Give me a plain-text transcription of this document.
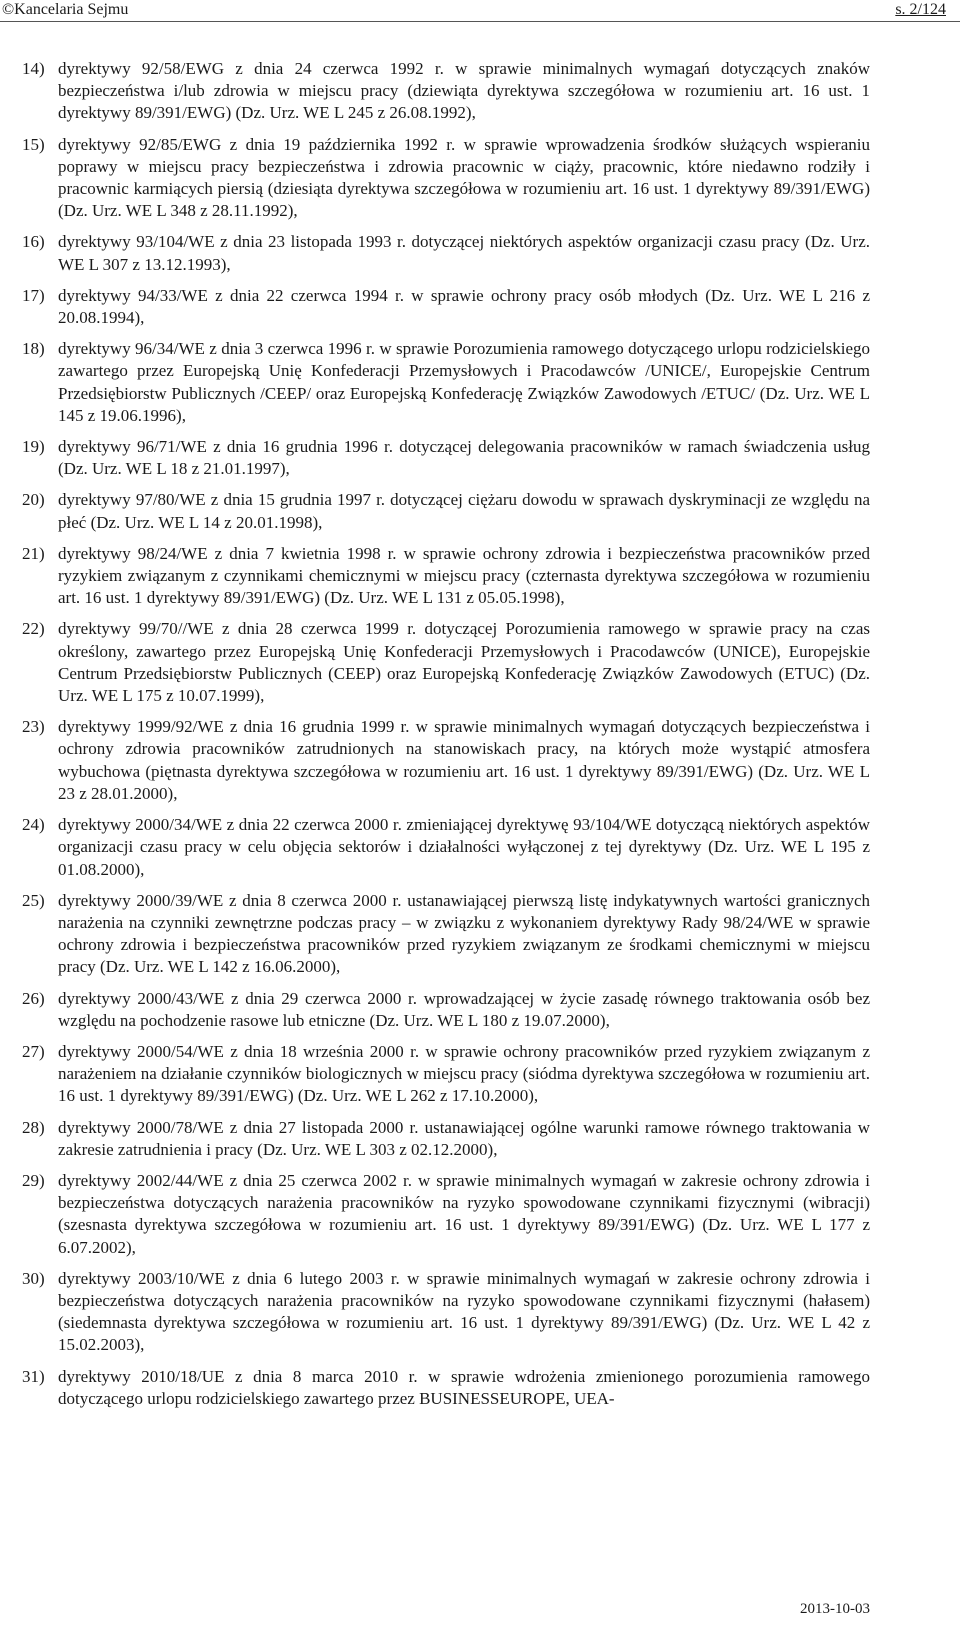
©Kancelaria Sejmu	s. 2/124
14) dyrektywy 92/58/EWG z dnia 24 czerwca 1992 r. w sprawie minimalnych wymagań dotyczących znaków bezpieczeństwa i/lub zdrowia w miejscu pracy (dziewiąta dyrektywa szczegółowa w rozumieniu art. 16 ust. 1 dyrektywy 89/391/EWG) (Dz. Urz. WE L 245 z 26.08.1992),
15) dyrektywy 92/85/EWG z dnia 19 października 1992 r. w sprawie wprowadzenia środków służących wspieraniu poprawy w miejscu pracy bezpieczeństwa i zdrowia pracownic w ciąży, pracownic, które niedawno rodziły i pracownic karmiących piersią (dziesiąta dyrektywa szczegółowa w rozumieniu art. 16 ust. 1 dyrektywy 89/391/EWG) (Dz. Urz. WE L 348 z 28.11.1992),
16) dyrektywy 93/104/WE z dnia 23 listopada 1993 r. dotyczącej niektórych aspektów organizacji czasu pracy (Dz. Urz. WE L 307 z 13.12.1993),
17) dyrektywy 94/33/WE z dnia 22 czerwca 1994 r. w sprawie ochrony pracy osób młodych (Dz. Urz. WE L 216 z 20.08.1994),
18) dyrektywy 96/34/WE z dnia 3 czerwca 1996 r. w sprawie Porozumienia ramowego dotyczącego urlopu rodzicielskiego zawartego przez Europejską Unię Konfederacji Przemysłowych i Pracodawców /UNICE/, Europejskie Centrum Przedsiębiorstw Publicznych /CEEP/ oraz Europejską Konfederację Związków Zawodowych /ETUC/ (Dz. Urz. WE L 145 z 19.06.1996),
19) dyrektywy 96/71/WE z dnia 16 grudnia 1996 r. dotyczącej delegowania pracowników w ramach świadczenia usług (Dz. Urz. WE L 18 z 21.01.1997),
20) dyrektywy 97/80/WE z dnia 15 grudnia 1997 r. dotyczącej ciężaru dowodu w sprawach dyskryminacji ze względu na płeć (Dz. Urz. WE L 14 z 20.01.1998),
21) dyrektywy 98/24/WE z dnia 7 kwietnia 1998 r. w sprawie ochrony zdrowia i bezpieczeństwa pracowników przed ryzykiem związanym z czynnikami chemicznymi w miejscu pracy (czternasta dyrektywa szczegółowa w rozumieniu art. 16 ust. 1 dyrektywy 89/391/EWG) (Dz. Urz. WE L 131 z 05.05.1998),
22) dyrektywy 99/70//WE z dnia 28 czerwca 1999 r. dotyczącej Porozumienia ramowego w sprawie pracy na czas określony, zawartego przez Europejską Unię Konfederacji Przemysłowych i Pracodawców (UNICE), Europejskie Centrum Przedsiębiorstw Publicznych (CEEP) oraz Europejską Konfederację Związków Zawodowych (ETUC) (Dz. Urz. WE L 175 z 10.07.1999),
23) dyrektywy 1999/92/WE z dnia 16 grudnia 1999 r. w sprawie minimalnych wymagań dotyczących bezpieczeństwa i ochrony zdrowia pracowników zatrudnionych na stanowiskach pracy, na których może wystąpić atmosfera wybuchowa (piętnasta dyrektywa szczegółowa w rozumieniu art. 16 ust. 1 dyrektywy 89/391/EWG) (Dz. Urz. WE L 23 z 28.01.2000),
24) dyrektywy 2000/34/WE z dnia 22 czerwca 2000 r. zmieniającej dyrektywę 93/104/WE dotyczącą niektórych aspektów organizacji czasu pracy w celu objęcia sektorów i działalności wyłączonej z tej dyrektywy (Dz. Urz. WE L 195 z 01.08.2000),
25) dyrektywy 2000/39/WE z dnia 8 czerwca 2000 r. ustanawiającej pierwszą listę indykatywnych wartości granicznych narażenia na czynniki zewnętrzne podczas pracy – w związku z wykonaniem dyrektywy Rady 98/24/WE w sprawie ochrony zdrowia i bezpieczeństwa pracowników przed ryzykiem związanym ze środkami chemicznymi w miejscu pracy (Dz. Urz. WE L 142 z 16.06.2000),
26) dyrektywy 2000/43/WE z dnia 29 czerwca 2000 r. wprowadzającej w życie zasadę równego traktowania osób bez względu na pochodzenie rasowe lub etniczne (Dz. Urz. WE L 180 z 19.07.2000),
27) dyrektywy 2000/54/WE z dnia 18 września 2000 r. w sprawie ochrony pracowników przed ryzykiem związanym z narażeniem na działanie czynników biologicznych w miejscu pracy (siódma dyrektywa szczegółowa w rozumieniu art. 16 ust. 1 dyrektywy 89/391/EWG) (Dz. Urz. WE L 262 z 17.10.2000),
28) dyrektywy 2000/78/WE z dnia 27 listopada 2000 r. ustanawiającej ogólne warunki ramowe równego traktowania w zakresie zatrudnienia i pracy (Dz. Urz. WE L 303 z 02.12.2000),
29) dyrektywy 2002/44/WE z dnia 25 czerwca 2002 r. w sprawie minimalnych wymagań w zakresie ochrony zdrowia i bezpieczeństwa dotyczących narażenia pracowników na ryzyko spowodowane czynnikami fizycznymi (wibracji) (szesnasta dyrektywa szczegółowa w rozumieniu art. 16 ust. 1 dyrektywy 89/391/EWG) (Dz. Urz. WE L 177 z 6.07.2002),
30) dyrektywy 2003/10/WE z dnia 6 lutego 2003 r. w sprawie minimalnych wymagań w zakresie ochrony zdrowia i bezpieczeństwa dotyczących narażenia pracowników na ryzyko spowodowane czynnikami fizycznymi (hałasem) (siedemnasta dyrektywa szczegółowa w rozumieniu art. 16 ust. 1 dyrektywy 89/391/EWG) (Dz. Urz. WE L 42 z 15.02.2003),
31) dyrektywy 2010/18/UE z dnia 8 marca 2010 r. w sprawie wdrożenia zmienionego porozumienia ramowego dotyczącego urlopu rodzicielskiego zawartego przez BUSINESSEUROPE, UEA-
2013-10-03
